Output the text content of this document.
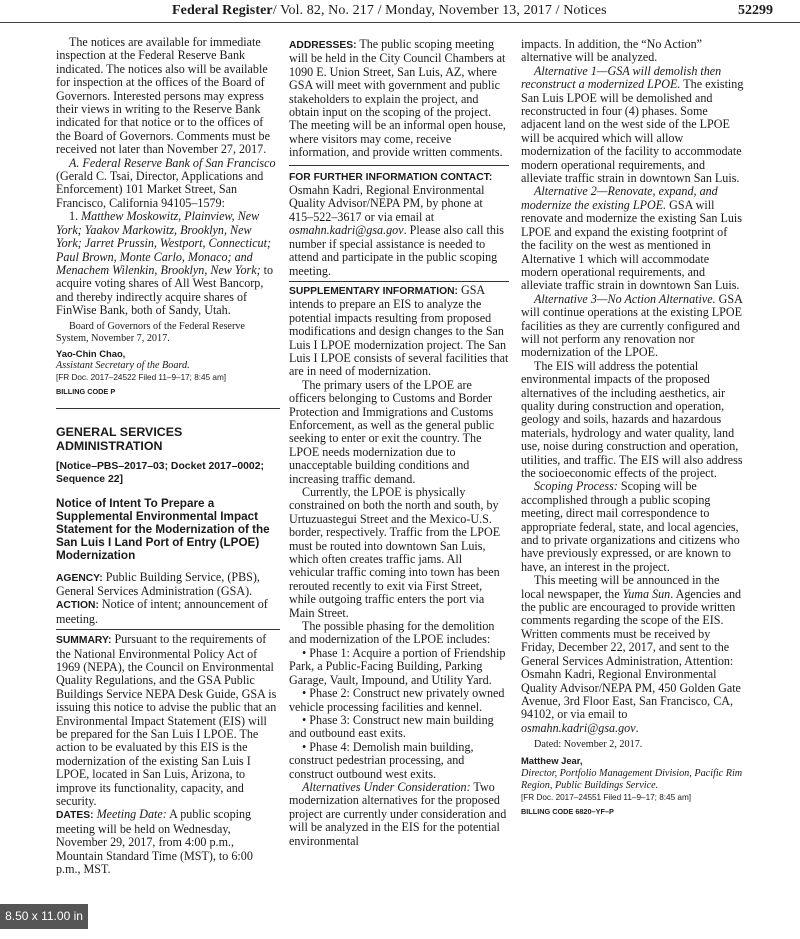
Federal Register/ Vol. 82, No. 217 / Monday, November 13, 2017 / Notices	52299

The notices are available for immediate inspection at the Federal Reserve Bank indicated. The notices also will be available for inspection at the offices of the Board of Governors. Interested persons may express their views in writing to the Reserve Bank indicated for that notice or to the offices of the Board of Governors. Comments must be received not later than November 27, 2017.

A. Federal Reserve Bank of San Francisco (Gerald C. Tsai, Director, Applications and Enforcement) 101 Market Street, San Francisco, California 94105–1579:

1. Matthew Moskowitz, Plainview, New York; Yaakov Markowitz, Brooklyn, New York; Jarret Prussin, Westport, Connecticut; Paul Brown, Monte Carlo, Monaco; and Menachem Wilenkin, Brooklyn, New York; to acquire voting shares of All West Bancorp, and thereby indirectly acquire shares of FinWise Bank, both of Sandy, Utah.

Board of Governors of the Federal Reserve System, November 7, 2017.

Yao-Chin Chao,

Assistant Secretary of the Board.

[FR Doc. 2017–24522 Filed 11–9–17; 8:45 am]

BILLING CODE P

GENERAL SERVICES ADMINISTRATION
[Notice–PBS–2017–03; Docket 2017–0002; Sequence 22]
Notice of Intent To Prepare a Supplemental Environmental Impact Statement for the Modernization of the San Luis I Land Port of Entry (LPOE) Modernization

AGENCY: Public Building Service, (PBS), General Services Administration (GSA).

ACTION: Notice of intent; announcement of meeting.

SUMMARY: Pursuant to the requirements of the National Environmental Policy Act of 1969 (NEPA), the Council on Environmental Quality Regulations, and the GSA Public Buildings Service NEPA Desk Guide, GSA is issuing this notice to advise the public that an Environmental Impact Statement (EIS) will be prepared for the San Luis I LPOE. The action to be evaluated by this EIS is the modernization of the existing San Luis I LPOE, located in San Luis, Arizona, to improve its functionality, capacity, and security.

DATES: Meeting Date: A public scoping meeting will be held on Wednesday, November 29, 2017, from 4:00 p.m., Mountain Standard Time (MST), to 6:00 p.m., MST.

ADDRESSES: The public scoping meeting will be held in the City Council Chambers at 1090 E. Union Street, San Luis, AZ, where GSA will meet with government and public stakeholders to explain the project, and obtain input on the scoping of the project. The meeting will be an informal open house, where visitors may come, receive information, and provide written comments.

FOR FURTHER INFORMATION CONTACT: Osmahn Kadri, Regional Environmental Quality Advisor/NEPA PM, by phone at 415–522–3617 or via email at osmahn.kadri@gsa.gov. Please also call this number if special assistance is needed to attend and participate in the public scoping meeting.

SUPPLEMENTARY INFORMATION: GSA intends to prepare an EIS to analyze the potential impacts resulting from proposed modifications and design changes to the San Luis I LPOE modernization project. The San Luis I LPOE consists of several facilities that are in need of modernization.

The primary users of the LPOE are officers belonging to Customs and Border Protection and Immigrations and Customs Enforcement, as well as the general public seeking to enter or exit the country. The LPOE needs modernization due to unacceptable building conditions and increasing traffic demand.

Currently, the LPOE is physically constrained on both the north and south, by Urtuzuastegui Street and the Mexico-U.S. border, respectively. Traffic from the LPOE must be routed into downtown San Luis, which often creates traffic jams. All vehicular traffic coming into town has been rerouted recently to exit via First Street, while outgoing traffic enters the port via Main Street.

The possible phasing for the demolition and modernization of the LPOE includes:

• Phase 1: Acquire a portion of Friendship Park, a Public-Facing Building, Parking Garage, Vault, Impound, and Utility Yard.

• Phase 2: Construct new privately owned vehicle processing facilities and kennel.

• Phase 3: Construct new main building and outbound east exits.

• Phase 4: Demolish main building, construct pedestrian processing, and construct outbound west exits.

Alternatives Under Consideration: Two modernization alternatives for the proposed project are currently under consideration and will be analyzed in the EIS for the potential environmental

impacts. In addition, the “No Action” alternative will be analyzed.

Alternative 1—GSA will demolish then reconstruct a modernized LPOE. The existing San Luis LPOE will be demolished and reconstructed in four (4) phases. Some adjacent land on the west side of the LPOE will be acquired which will allow modernization of the facility to accommodate modern operational requirements, and alleviate traffic strain in downtown San Luis.

Alternative 2—Renovate, expand, and modernize the existing LPOE. GSA will renovate and modernize the existing San Luis LPOE and expand the existing footprint of the facility on the west as mentioned in Alternative 1 which will accommodate modern operational requirements, and alleviate traffic strain in downtown San Luis.

Alternative 3—No Action Alternative. GSA will continue operations at the existing LPOE facilities as they are currently configured and will not perform any renovation nor modernization of the LPOE.

The EIS will address the potential environmental impacts of the proposed alternatives of the including aesthetics, air quality during construction and operation, geology and soils, hazards and hazardous materials, hydrology and water quality, land use, noise during construction and operation, utilities, and traffic. The EIS will also address the socioeconomic effects of the project.

Scoping Process: Scoping will be accomplished through a public scoping meeting, direct mail correspondence to appropriate federal, state, and local agencies, and to private organizations and citizens who have previously expressed, or are known to have, an interest in the project.

This meeting will be announced in the local newspaper, the Yuma Sun. Agencies and the public are encouraged to provide written comments regarding the scope of the EIS. Written comments must be received by Friday, December 22, 2017, and sent to the General Services Administration, Attention: Osmahn Kadri, Regional Environmental Quality Advisor/NEPA PM, 450 Golden Gate Avenue, 3rd Floor East, San Francisco, CA, 94102, or via email to osmahn.kadri@gsa.gov.

Dated: November 2, 2017.

Matthew Jear,

Director, Portfolio Management Division, Pacific Rim Region, Public Buildings Service.

[FR Doc. 2017–24551 Filed 11–9–17; 8:45 am]

BILLING CODE 6820–YF–P

8.50 x 11.00 in
